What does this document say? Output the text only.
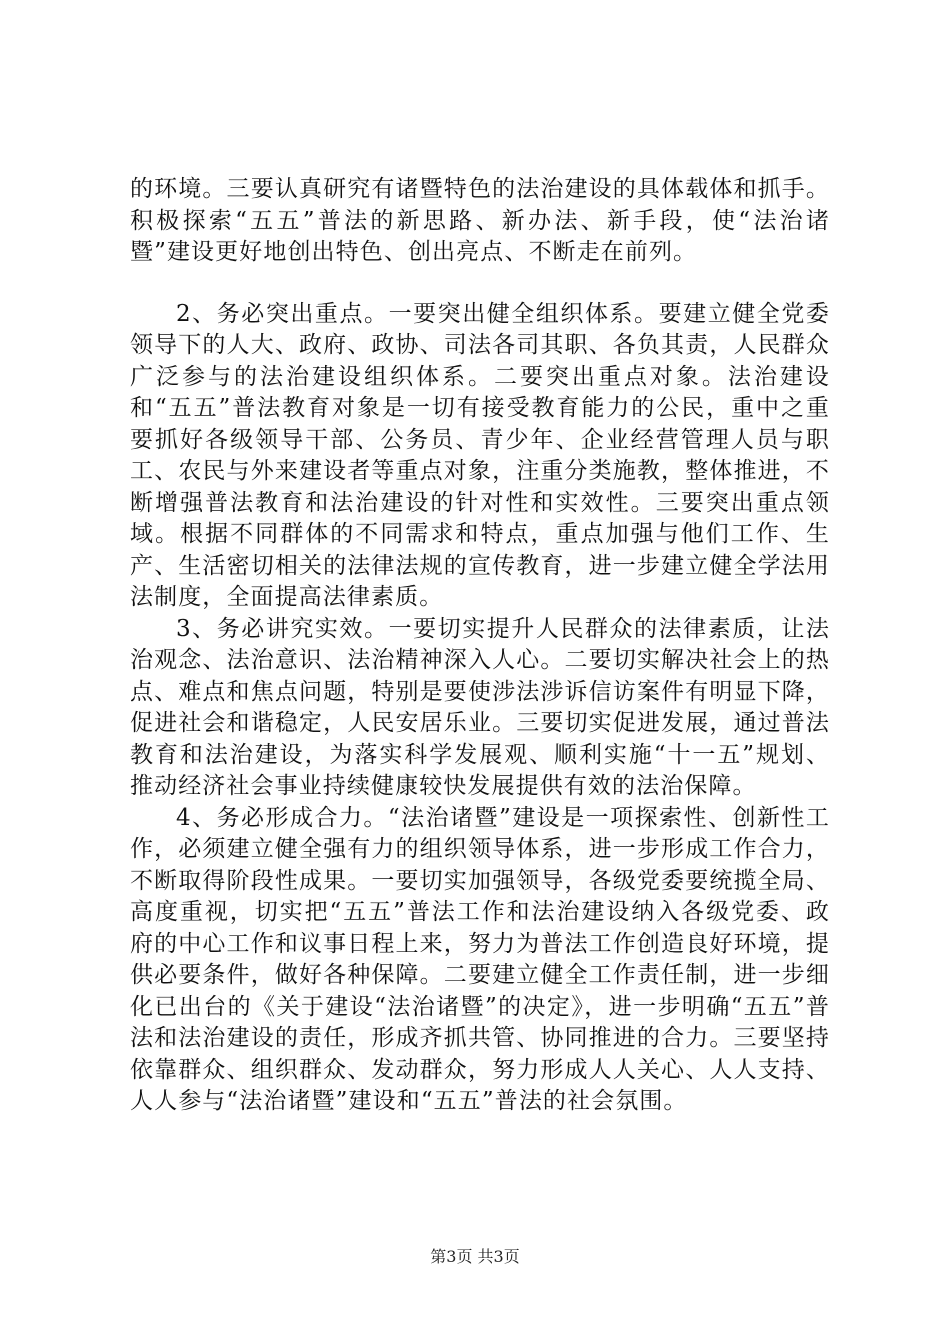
的环境。三要认真研究有诸暨特色的法治建设的具体载体和抓手。积极探索“五五”普法的新思路、新办法、新手段，使“法治诸暨”建设更好地创出特色、创出亮点、不断走在前列。

2、务必突出重点。一要突出健全组织体系。要建立健全党委领导下的人大、政府、政协、司法各司其职、各负其责，人民群众广泛参与的法治建设组织体系。二要突出重点对象。法治建设和“五五”普法教育对象是一切有接受教育能力的公民，重中之重要抓好各级领导干部、公务员、青少年、企业经营管理人员与职工、农民与外来建设者等重点对象，注重分类施教，整体推进，不断增强普法教育和法治建设的针对性和实效性。三要突出重点领域。根据不同群体的不同需求和特点，重点加强与他们工作、生产、生活密切相关的法律法规的宣传教育，进一步建立健全学法用法制度，全面提高法律素质。

3、务必讲究实效。一要切实提升人民群众的法律素质，让法治观念、法治意识、法治精神深入人心。二要切实解决社会上的热点、难点和焦点问题，特别是要使涉法涉诉信访案件有明显下降，促进社会和谐稳定，人民安居乐业。三要切实促进发展，通过普法教育和法治建设，为落实科学发展观、顺利实施“十一五”规划、推动经济社会事业持续健康较快发展提供有效的法治保障。

4、务必形成合力。“法治诸暨”建设是一项探索性、创新性工作，必须建立健全强有力的组织领导体系，进一步形成工作合力，不断取得阶段性成果。一要切实加强领导，各级党委要统揽全局、高度重视，切实把“五五”普法工作和法治建设纳入各级党委、政府的中心工作和议事日程上来，努力为普法工作创造良好环境，提供必要条件，做好各种保障。二要建立健全工作责任制，进一步细化已出台的《关于建设“法治诸暨”的决定》，进一步明确“五五”普法和法治建设的责任，形成齐抓共管、协同推进的合力。三要坚持依靠群众、组织群众、发动群众，努力形成人人关心、人人支持、人人参与“法治诸暨”建设和“五五”普法的社会氛围。

第3页 共3页
